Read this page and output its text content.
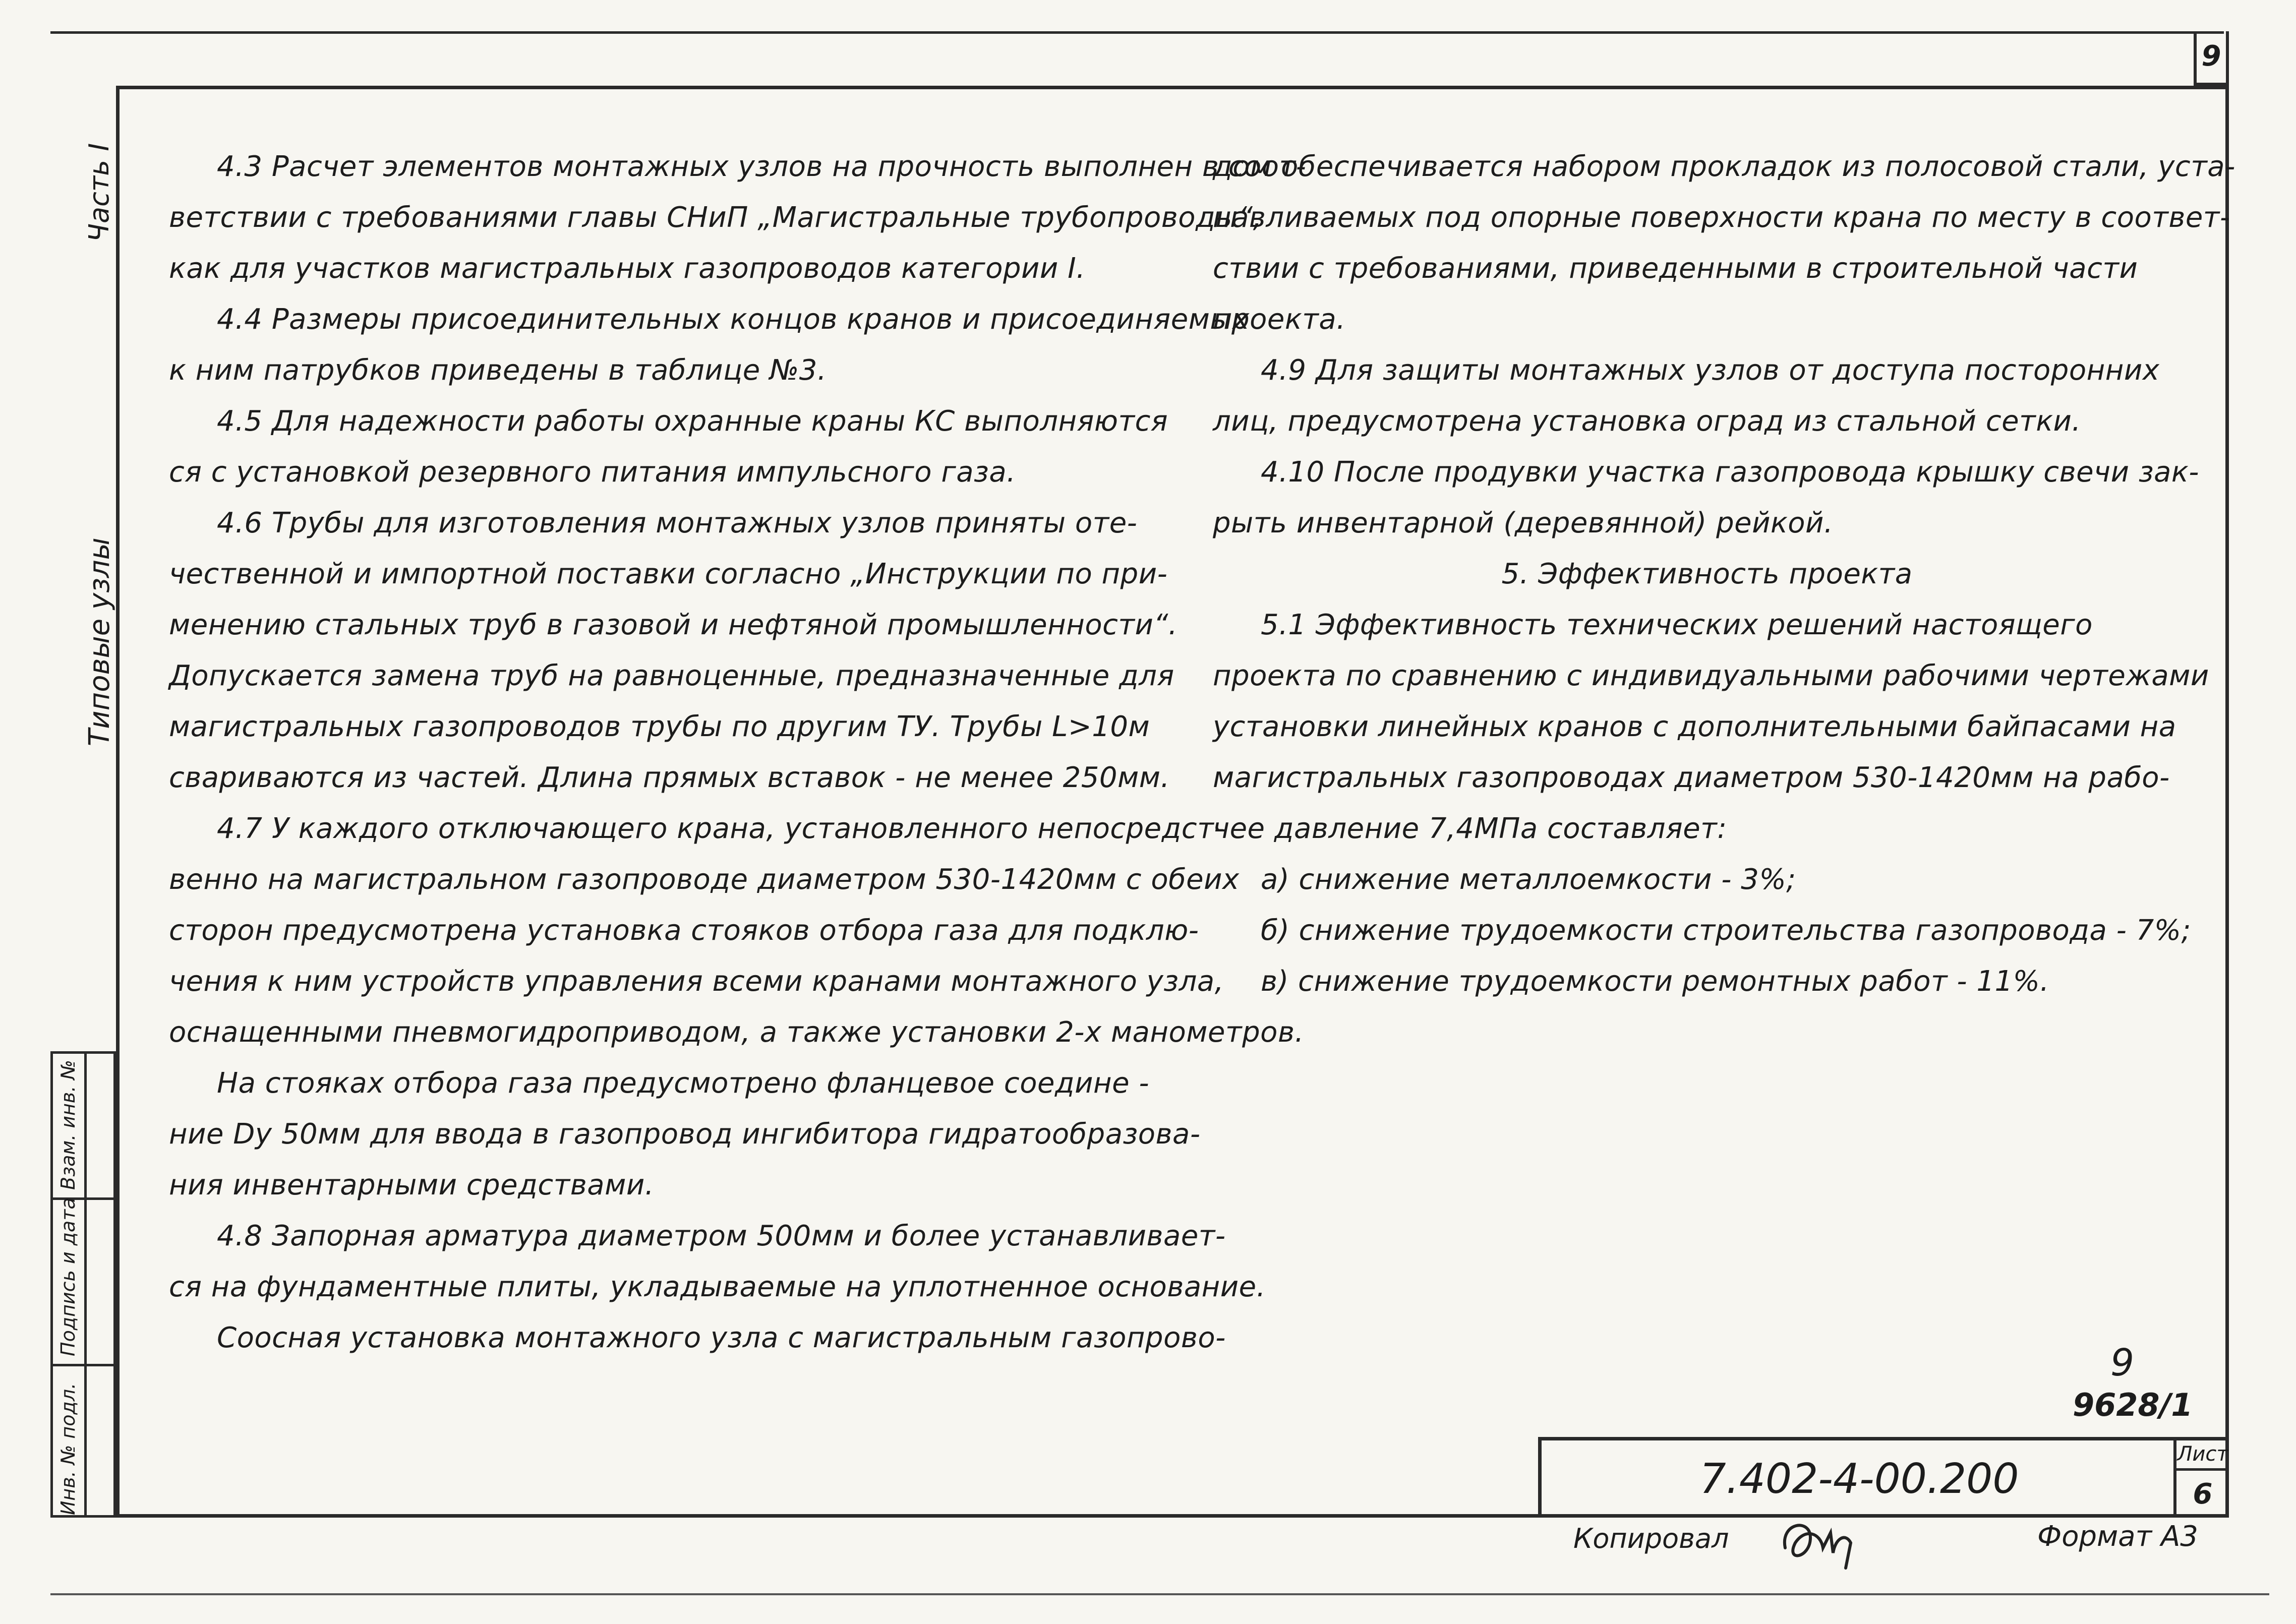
9
Часть I
Типовые узлы
Инв. № подл.
Подпись и дата
Взам. инв. №

4.3 Расчет элементов монтажных узлов на прочность выполнен в соот-

ветствии с требованиями главы СНиП „Магистральные трубопроводы“,

как для участков магистральных газопроводов категории I.

4.4 Размеры присоединительных концов кранов и присоединяемых

к ним патрубков приведены в таблице №3.

4.5 Для надежности работы охранные краны КС выполняются

ся с установкой резервного питания импульсного газа.

4.6 Трубы для изготовления монтажных узлов приняты оте-

чественной и импортной поставки согласно „Инструкции по при-

менению стальных труб в газовой и нефтяной промышленности“.

Допускается замена труб на равноценные, предназначенные для

магистральных газопроводов трубы по другим ТУ. Трубы L>10м

свариваются из частей. Длина прямых вставок - не менее 250мм.

4.7 У каждого отключающего крана, установленного непосредст-

венно на магистральном газопроводе диаметром 530-1420мм с обеих

сторон предусмотрена установка стояков отбора газа для подклю-

чения к ним устройств управления всеми кранами монтажного узла,

оснащенными пневмогидроприводом, а также установки 2-х манометров.

На стояках отбора газа предусмотрено фланцевое соедине -

ние Dy 50мм для ввода в газопровод ингибитора гидратообразова-

ния инвентарными средствами.

4.8 Запорная арматура диаметром 500мм и более устанавливает-

ся на фундаментные плиты, укладываемые на уплотненное основание.

Соосная установка монтажного узла с магистральным газопрово-

дом обеспечивается набором прокладок из полосовой стали, уста-

навливаемых под опорные поверхности крана по месту в соответ-

ствии с требованиями, приведенными в строительной части

проекта.

4.9 Для защиты монтажных узлов от доступа посторонних

лиц, предусмотрена установка оград из стальной сетки.

4.10 После продувки участка газопровода крышку свечи зак-

рыть инвентарной (деревянной) рейкой.

5. Эффективность проекта

5.1 Эффективность технических решений настоящего

проекта по сравнению с индивидуальными рабочими чертежами

установки линейных кранов с дополнительными байпасами на

магистральных газопроводах диаметром 530-1420мм на рабо-

чее давление 7,4МПа составляет:

а) снижение металлоемкости - 3%;

б) снижение трудоемкости строительства газопровода - 7%;

в) снижение трудоемкости ремонтных работ - 11%.

9
9628/1
7.402-4-00.200
Лист
6
Копировал	Формат А3
